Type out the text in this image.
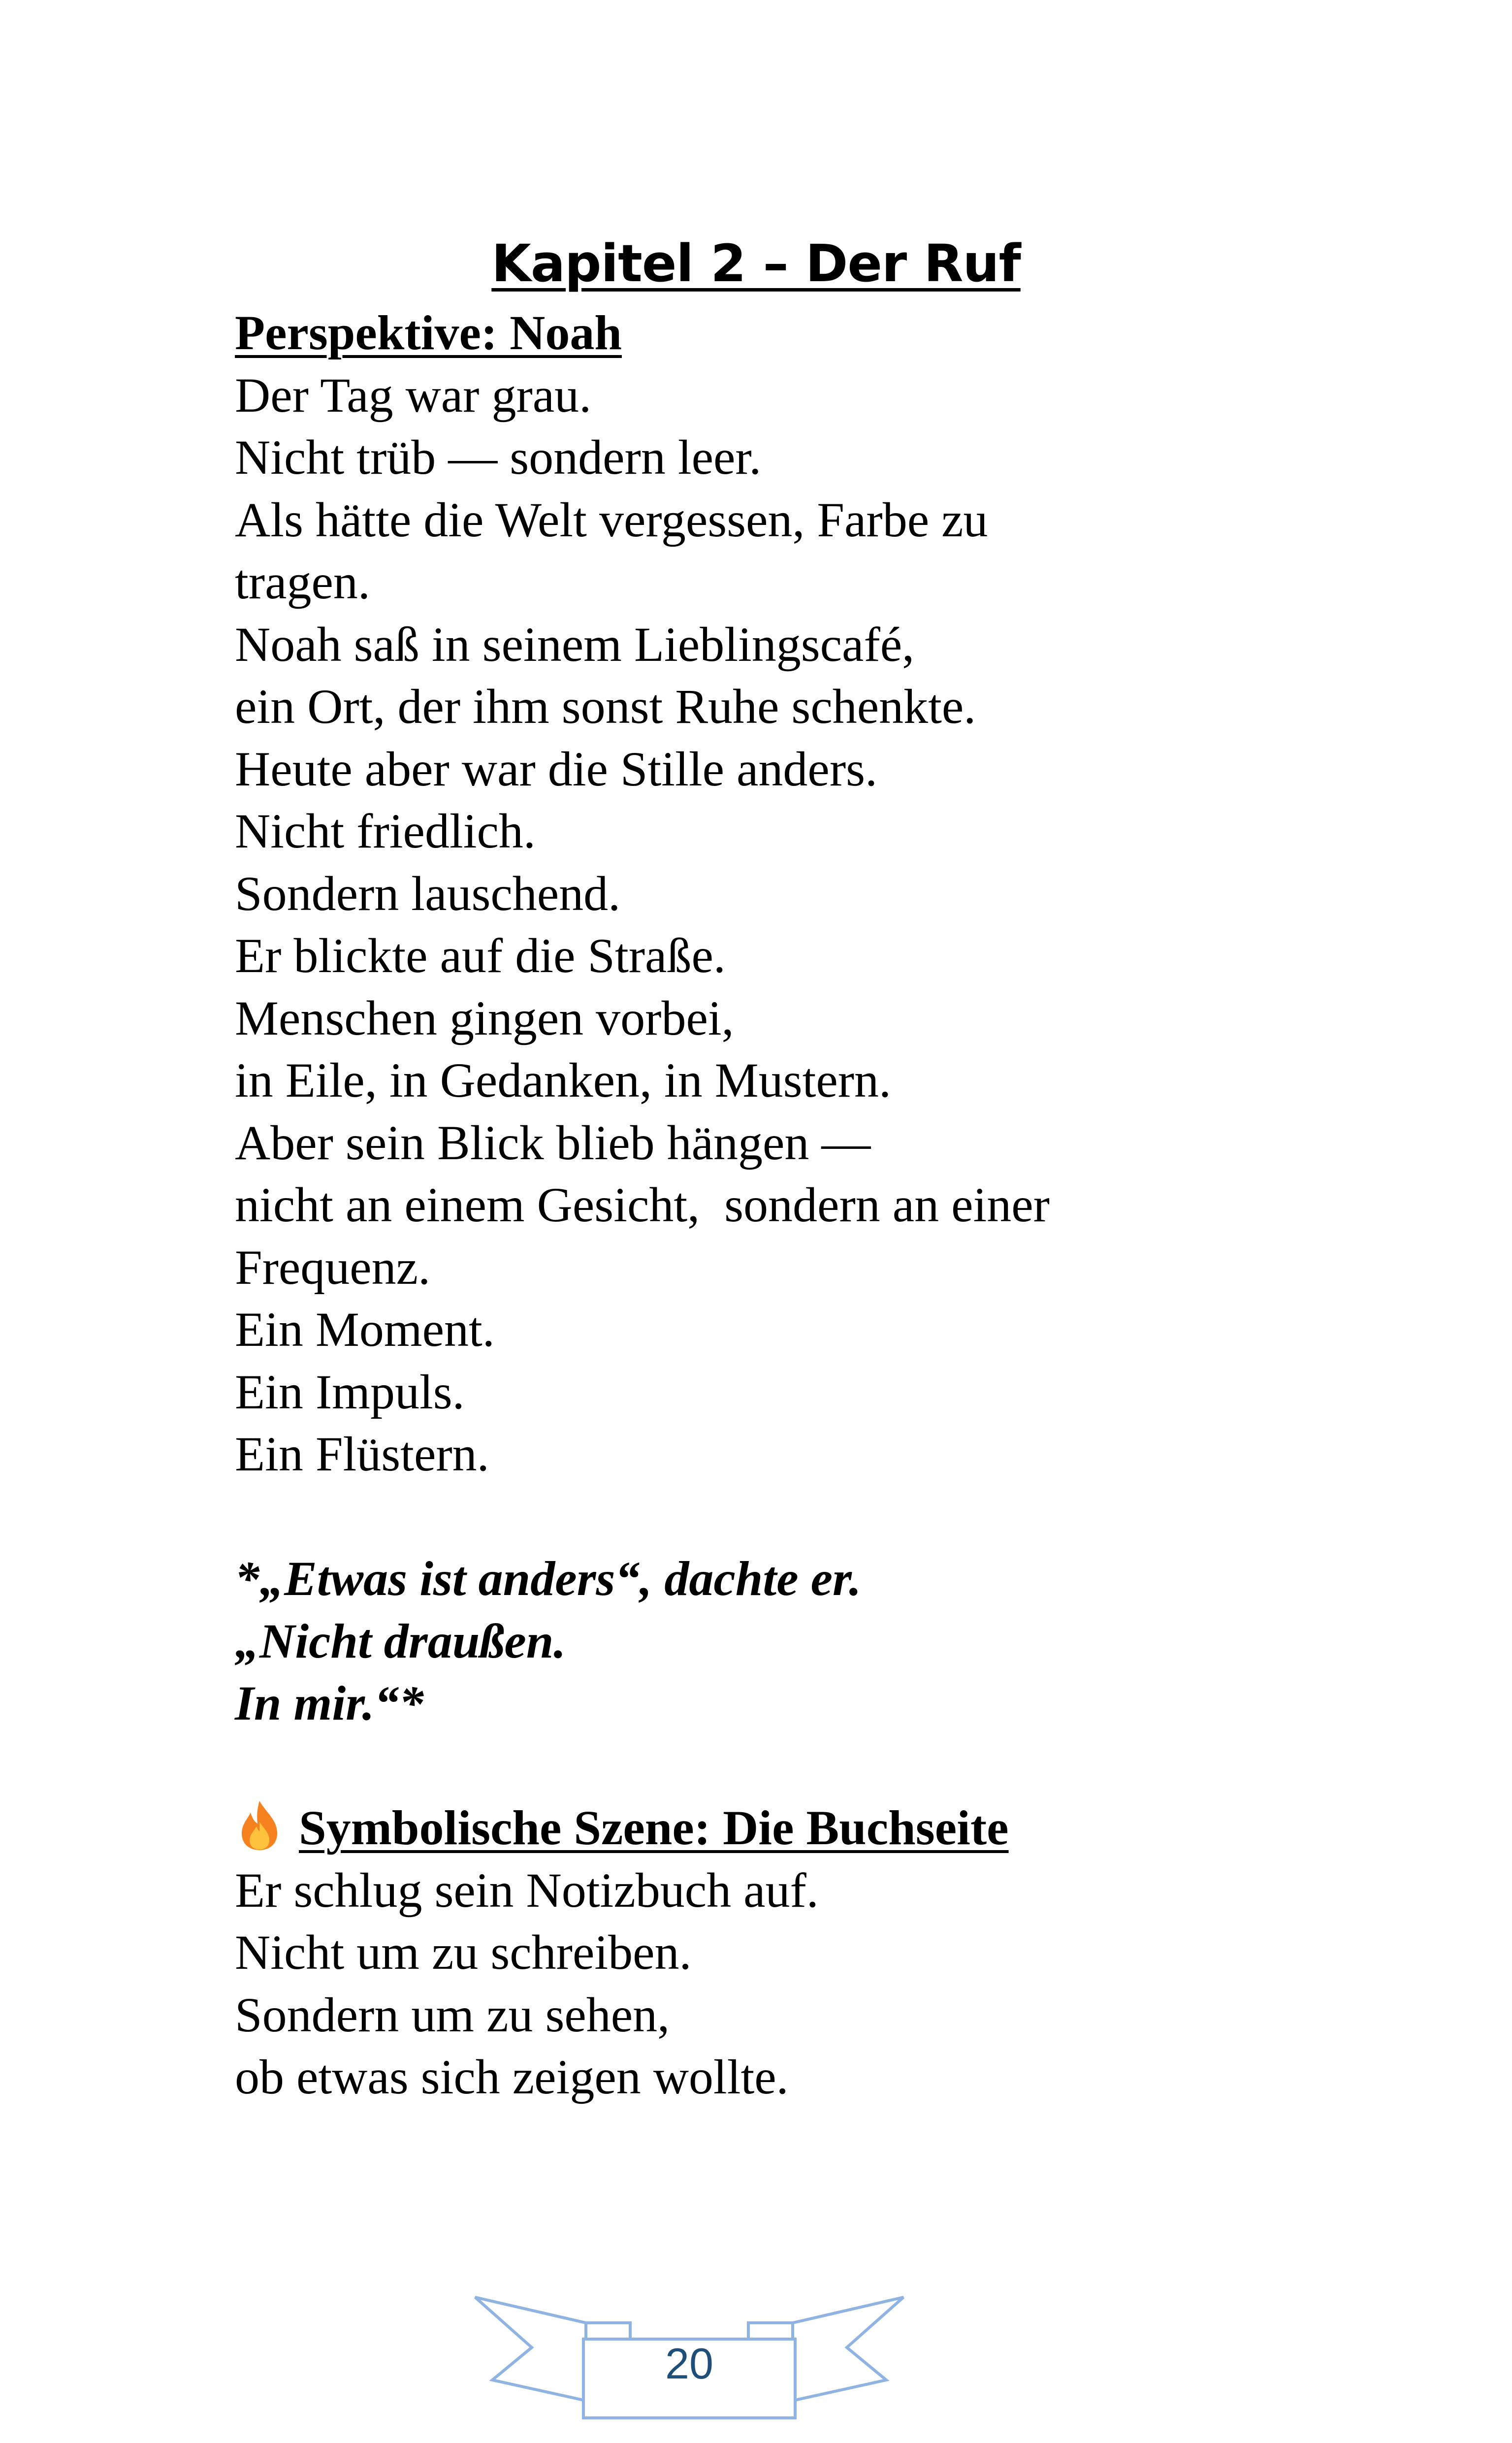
Kapitel 2 – Der Ruf
Perspektive: Noah
Der Tag war grau.
Nicht trüb — sondern leer.
Als hätte die Welt vergessen, Farbe zu
tragen.
Noah saß in seinem Lieblingscafé,
ein Ort, der ihm sonst Ruhe schenkte.
Heute aber war die Stille anders.
Nicht friedlich.
Sondern lauschend.
Er blickte auf die Straße.
Menschen gingen vorbei,
in Eile, in Gedanken, in Mustern.
Aber sein Blick blieb hängen —
nicht an einem Gesicht,  sondern an einer
Frequenz.
Ein Moment.
Ein Impuls.
Ein Flüstern.
*„Etwas ist anders“, dachte er.
„Nicht draußen.
In mir.“*
Symbolische Szene: Die Buchseite
Er schlug sein Notizbuch auf.
Nicht um zu schreiben.
Sondern um zu sehen,
ob etwas sich zeigen wollte.
20
